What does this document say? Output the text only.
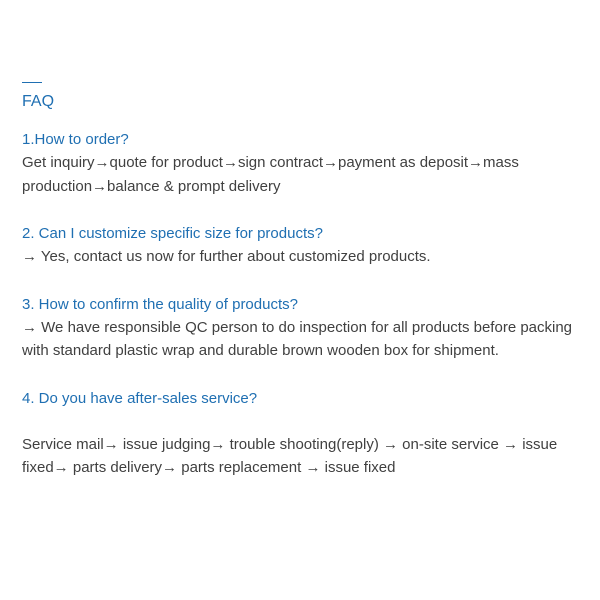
FAQ

1.How to order?

Get inquiry→quote for product→sign contract→payment as deposit→mass production→balance & prompt delivery

2. Can I customize specific size for products?

→ Yes, contact us now for further about customized products.

3. How to confirm the quality of products?

→ We have responsible QC person to do inspection for all products before packing with standard plastic wrap and durable brown wooden box for shipment.

4. Do you have after-sales service?

Service mail→ issue judging→ trouble shooting(reply) → on-site service → issue fixed→ parts delivery→ parts replacement → issue fixed
